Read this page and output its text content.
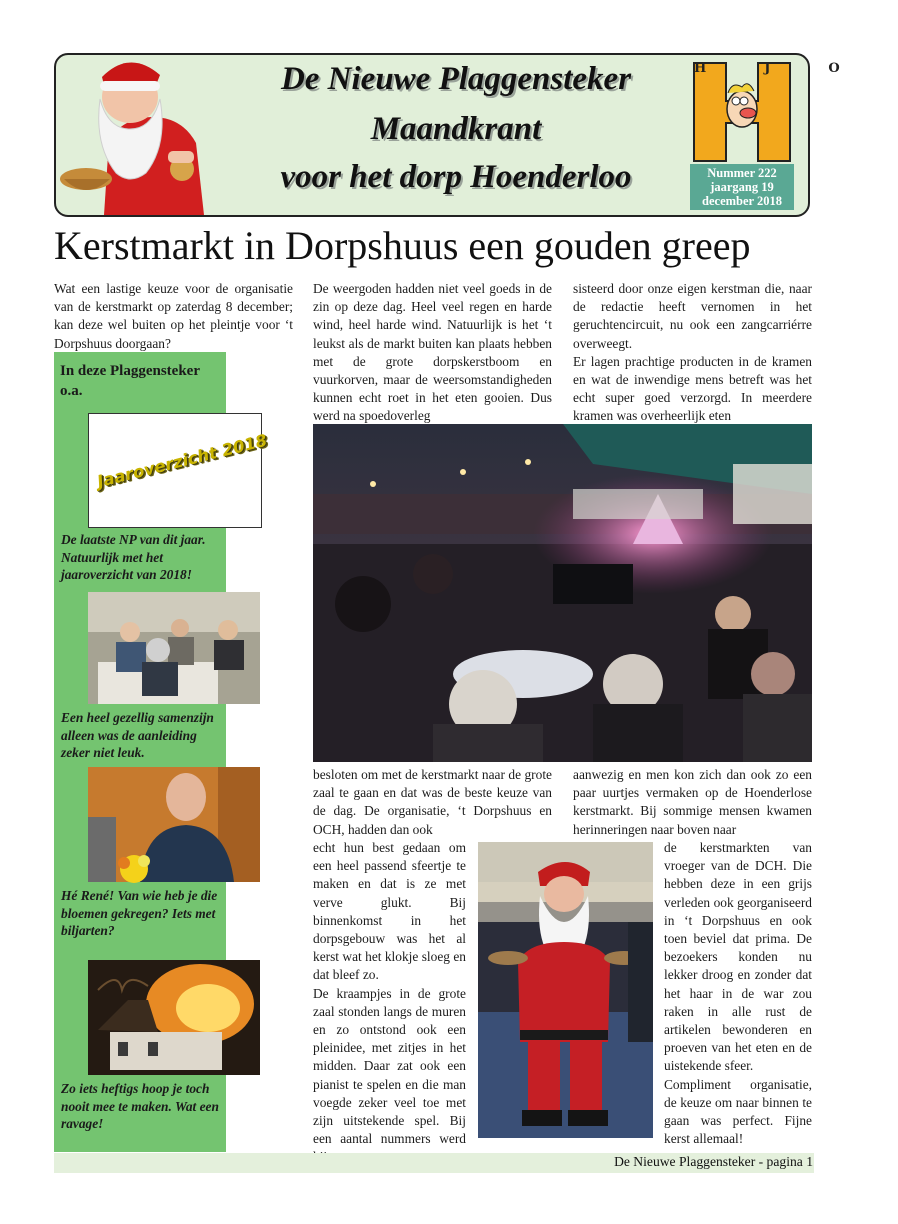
De Nieuwe Plaggensteker
Maandkrant
voor het dorp Hoenderloo
HJO
Nummer 222
jaargang 19
december 2018
Kerstmarkt in Dorpshuus een gouden greep

Wat een lastige keuze voor de organisatie van de kerstmarkt op zaterdag 8 december; kan deze wel buiten op het pleintje voor ‘t Dorpshuus doorgaan?

In deze Plaggensteker o.a.
Jaaroverzicht 2018
De laatste NP van dit jaar. Natuurlijk met het jaaroverzicht van 2018!
Een heel gezellig samenzijn alleen was de aanleiding zeker niet leuk.
Hé René! Van wie heb je die bloemen gekregen? Iets met biljarten?
Zo iets heftigs hoop je toch nooit mee te maken. Wat een ravage!

De weergoden hadden niet veel goeds in de zin op deze dag. Heel veel regen en harde wind, heel harde wind. Natuurlijk is het ‘t leukst als de markt buiten kan plaats hebben met de grote dorpskerstboom en vuurkorven, maar de weersomstandigheden kunnen echt roet in het eten gooien. Dus werd na spoedoverleg

sisteerd door onze eigen kerstman die, naar de redactie heeft vernomen in het geruchtencircuit, nu ook een zangcarriérre overweegt.

Er lagen prachtige producten in de kramen en wat de inwendige mens betreft was het echt super goed verzorgd. In meerdere kramen was overheerlijk eten

besloten om met de kerstmarkt naar de grote zaal te gaan en dat was de beste keuze van de dag. De organisatie, ‘t Dorpshuus en OCH, hadden dan ook

echt hun best gedaan om een heel passend sfeertje te maken en dat is ze met verve glukt. Bij binnenkomst in het dorpsgebouw was het al kerst wat het klokje sloeg en dat bleef zo.

De kraampjes in de grote zaal stonden langs de muren en zo ontstond ook een pleinidee, met zitjes in het midden. Daar zat ook een pianist te spelen en die man voegde zeker veel toe met zijn uitstekende spel. Bij een aantal nummers werd

aanwezig en men kon zich dan ook zo een paar uurtjes vermaken op de Hoenderlose kerstmarkt. Bij sommige mensen kwamen herinneringen naar boven naar

de kerstmarkten van vroeger van de DCH. Die hebben deze in een grijs verleden ook georganiseerd in ‘t Dorpshuus en ook toen beviel dat prima. De bezoekers konden nu lekker droog en zonder dat het haar in de war zou raken in alle rust de artikelen bewonderen en proeven van het eten en de uistekende sfeer.

Compliment organisatie, de keuze om naar binnen te gaan was perfect. Fijne kerst allemaal!

De Nieuwe Plaggensteker - pagina 1
